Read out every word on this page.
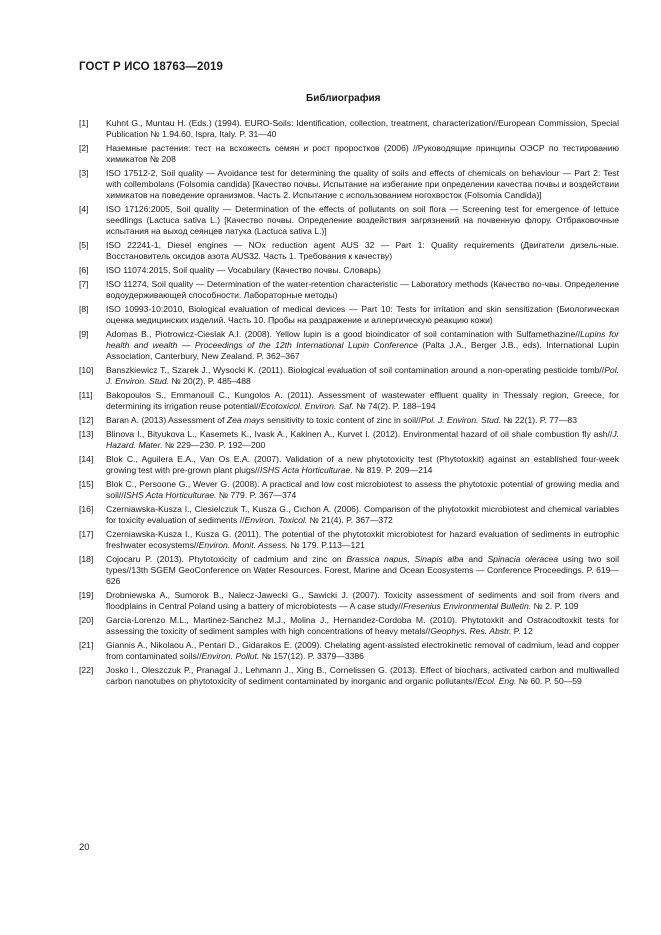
ГОСТ Р ИСО 18763—2019
Библиография
[1] Kuhnt G., Muntau H. (Eds.) (1994). EURO-Soils: Identification, collection, treatment, characterization//European Commission, Special Publication № 1.94.60, Ispra, Italy. P. 31—40
[2] Наземные растения: тест на всхожесть семян и рост проростков (2006) //Руководящие принципы ОЭСР по тестированию химикатов № 208
[3] ISO 17512-2, Soil quality — Avoidance test for determining the quality of soils and effects of chemicals on behaviour — Part 2: Test with collembolans (Folsomia candida) [Качество почвы. Испытание на избегание при определении качества почвы и воздействии химикатов на поведение организмов. Часть 2. Испытание с использованием ногохвосток (Folsomia Candida)]
[4] ISO 17126:2005, Soil quality — Determination of the effects of pollutants on soil flora — Screening test for emergence of lettuce seedlings (Lactuca sativa L.) [Качество почвы. Определение воздействия загрязнений на почвенную флору. Отбраковочные испытания на выход сеянцев латука (Lactuca sativa L.)]
[5] ISO 22241-1, Diesel engines — NOx reduction agent AUS 32 — Part 1: Quality requirements (Двигатели дизель-ные. Восстановитель оксидов азота AUS32. Часть 1. Требования к качеству)
[6] ISO 11074:2015, Soil quality — Vocabulary (Качество почвы. Словарь)
[7] ISO 11274, Soil quality — Determination of the water-retention characteristic — Laboratory methods (Качество по-чвы. Определение водоудерживающей способности. Лабораторные методы)
[8] ISO 10993-10:2010, Biological evaluation of medical devices — Part 10: Tests for irritation and skin sensitization (Биологическая оценка медицинских изделий. Часть 10. Пробы на раздражение и аллергическую реакцию кожи)
[9] Adomas B., Piotrowicz-Cieslak A.I. (2008). Yellow lupin is a good bioindicator of soil contamination with Sulfamethazine//Lupins for health and wealth — Proceedings of the 12th International Lupin Conference (Palta J.A., Berger J.B., eds). International Lupin Association, Canterbury, New Zealand. P. 362–367
[10] Banszkiewicz T., Szarek J., Wysocki K. (2011). Biological evaluation of soil contamination around a non-operating pesticide tomb//Pol. J. Environ. Stud. № 20(2). P. 485–488
[11] Bakopoulos S., Emmanouil C., Kungolos A. (2011). Assessment of wastewater effluent quality in Thessaly region, Greece, for determining its irrigation reuse potential//Ecotoxicol. Environ. Saf. № 74(2). P. 188–194
[12] Baran A. (2013) Assessment of Zea mays sensitivity to toxic content of zinc in soil//Pol. J. Environ. Stud. № 22(1). P. 77—83
[13] Blinova I., Bityukova L., Kasemets K., Ivask A., Kakinen A., Kurvet I. (2012). Environmental hazard of oil shale combustion fly ash//J. Hazard. Mater. № 229—230. P. 192—200
[14] Blok C., Aguilera E.A., Van Os E.A. (2007). Validation of a new phytotoxicity test (Phytotoxkit) against an established four-week growing test with pre-grown plant plugs//ISHS Acta Horticulturae. № 819. P. 209—214
[15] Blok C., Persoone G., Wever G. (2008). A practical and low cost microbiotest to assess the phytotoxic potential of growing media and soil//ISHS Acta Horticulturae. № 779. P. 367—374
[16] Czerniawska-Kusza I., Ciesielczuk T., Kusza G., Cıchon A. (2006). Comparison of the phytotoxkit microbiotest and chemical variables for toxicity evaluation of sediments //Environ. Toxicol. № 21(4). P. 367—372
[17] Czerniawska-Kusza I., Kusza G. (2011). The potential of the phytotoxkit microbiotest for hazard evaluation of sediments in eutrophic freshwater ecosystems//Environ. Monit. Assess. № 179. P.113—121
[18] Cojocaru P. (2013). Phytotoxicity of cadmium and zinc on Brassica napus, Sinapis alba and Spinacia oleracea using two soil types//13th SGEM GeoConference on Water Resources. Forest, Marine and Ocean Ecosystems — Conference Proceedings. P. 619—626
[19] Drobniewska A., Sumorok B., Nalecz-Jawecki G., Sawicki J. (2007). Toxicity assessment of sediments and soil from rivers and floodplains in Central Poland using a battery of microbiotests — A case study//Fresenius Environmental Bulletin. № 2. P. 109
[20] Garcia-Lorenzo M.L., Martinez-Sanchez M.J., Molina J., Hernandez-Cordoba M. (2010). Phytotoxkit and Ostracodtoxkit tests for assessing the toxicity of sediment samples with high concentrations of heavy metals//Geophys. Res. Abstr. P. 12
[21] Giannis A., Nikolaou A., Pentari D., Gidarakos E. (2009). Chelating agent-assisted electrokinetic removal of cadmium, lead and copper from contaminated soils//Environ. Pollut. № 157(12). P. 3379—3386
[22] Josko I., Oleszczuk P., Pranagal J., Lehmann J., Xing B., Cornelissen G. (2013). Effect of biochars, activated carbon and multiwalled carbon nanotubes on phytotoxicity of sediment contaminated by inorganic and organic pollutants//Ecol. Eng. № 60. P. 50—59
20
